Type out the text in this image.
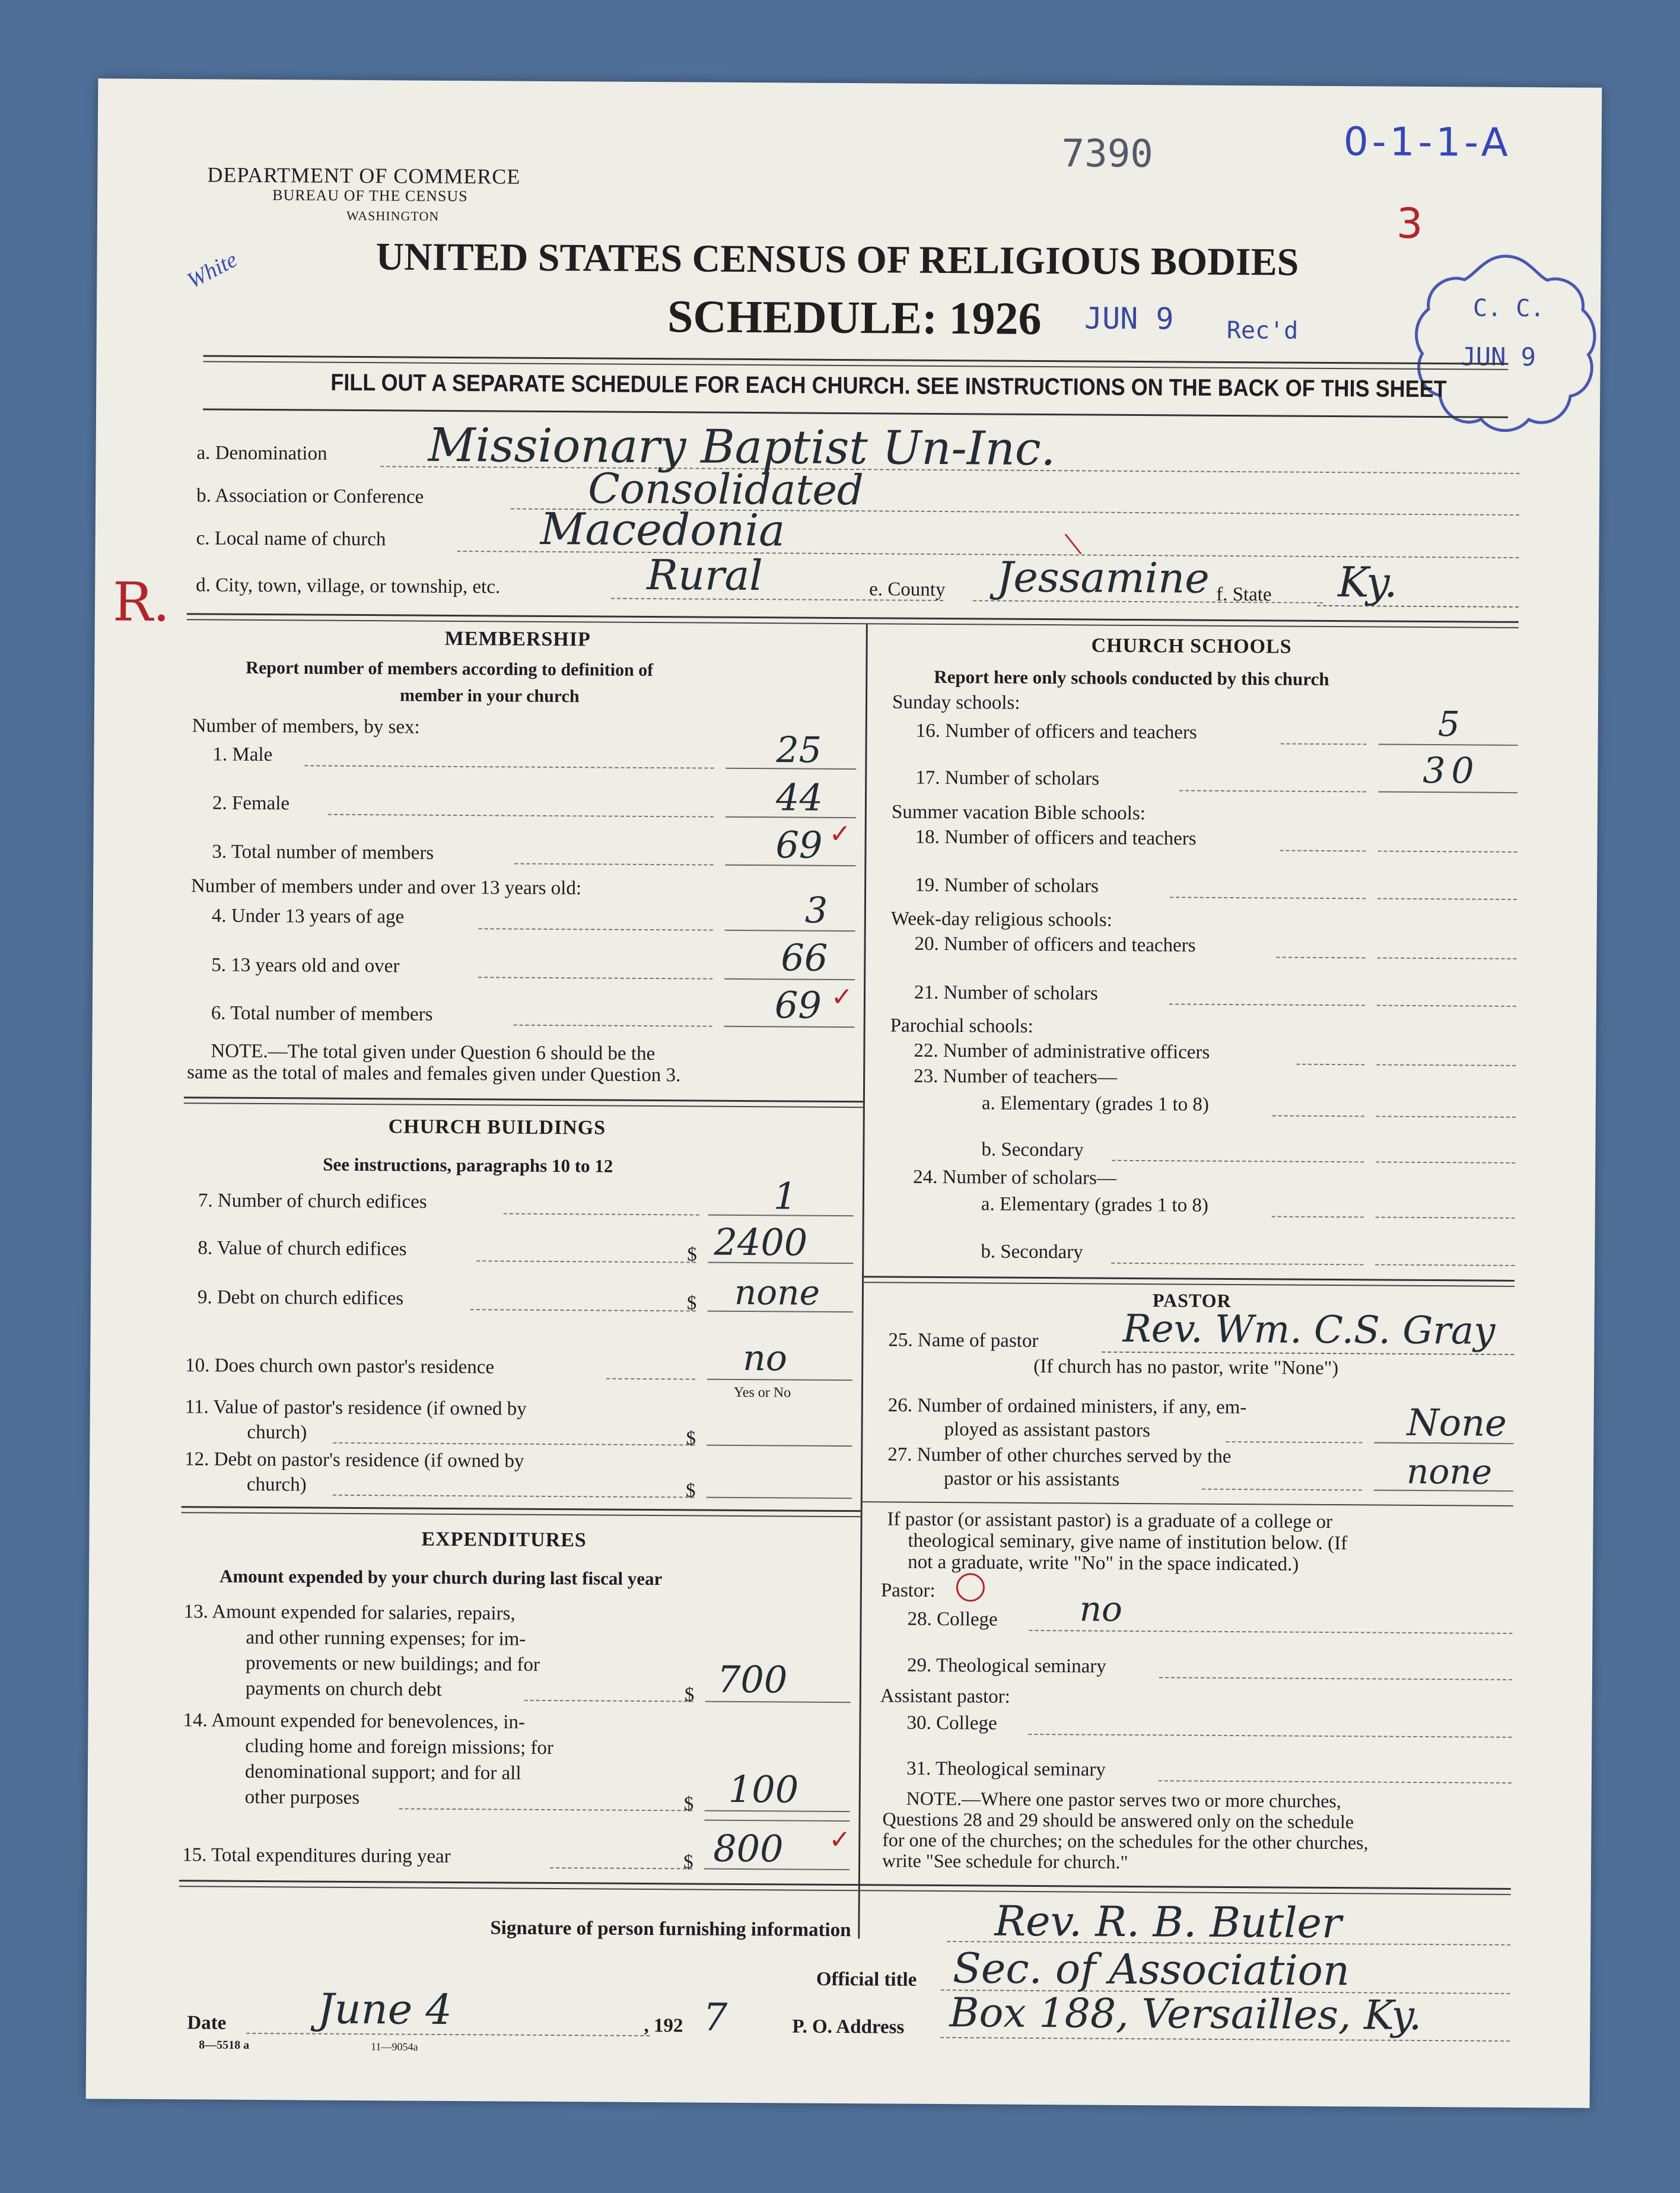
7390	0-1-1-A
3
White
JUN 9 Rec'd
C. C.
JUN 9
R.
DEPARTMENT OF COMMERCE
BUREAU OF THE CENSUS
WASHINGTON
UNITED STATES CENSUS OF RELIGIOUS BODIES
SCHEDULE: 1926
FILL OUT A SEPARATE SCHEDULE FOR EACH CHURCH. SEE INSTRUCTIONS ON THE BACK OF THIS SHEET
a. Denomination Missionary Baptist Un-Inc.
b. Association or Conference	Consolidated
c. Local name of church	Macedonia	\
d. City, town, village, or township, etc.	Rural	e. County Jessamine f. State Ky.
MEMBERSHIP
Report number of members according to definition of
member in your church
Number of members, by sex:
1. Male	25
2. Female	44
3. Total number of members	69 ✓
Number of members under and over 13 years old:
4. Under 13 years of age	3
5. 13 years old and over	66
6. Total number of members	69 ✓
NOTE.—The total given under Question 6 should be the
same as the total of males and females given under Question 3.
CHURCH BUILDINGS
See instructions, paragraphs 10 to 12
7. Number of church edifices	1
8. Value of church edifices	$ 2400
9. Debt on church edifices	$ none
10. Does church own pastor's residence	no
Yes or No
11. Value of pastor's residence (if owned by
church)	$
12. Debt on pastor's residence (if owned by
church)	$
EXPENDITURES
Amount expended by your church during last fiscal year
13. Amount expended for salaries, repairs,
and other running expenses; for im-
provements or new buildings; and for
payments on church debt	$ 700
14. Amount expended for benevolences, in-
cluding home and foreign missions; for
denominational support; and for all
other purposes	$ 100
15. Total expenditures during year	$ 800 ✓
CHURCH SCHOOLS
Report here only schools conducted by this church
Sunday schools:
16. Number of officers and teachers	5
17. Number of scholars	30
Summer vacation Bible schools:
18. Number of officers and teachers
19. Number of scholars
Week-day religious schools:
20. Number of officers and teachers
21. Number of scholars
Parochial schools:
22. Number of administrative officers
23. Number of teachers—
a. Elementary (grades 1 to 8)
b. Secondary
24. Number of scholars—
a. Elementary (grades 1 to 8)
b. Secondary
PASTOR
25. Name of pastor Rev. Wm. C.S. Gray
(If church has no pastor, write "None")
26. Number of ordained ministers, if any, em-
ployed as assistant pastors	None
27. Number of other churches served by the
pastor or his assistants	none
If pastor (or assistant pastor) is a graduate of a college or
theological seminary, give name of institution below. (If
not a graduate, write "No" in the space indicated.)
Pastor:
28. College no
29. Theological seminary
Assistant pastor:
30. College
31. Theological seminary
NOTE.—Where one pastor serves two or more churches,
Questions 28 and 29 should be answered only on the schedule
for one of the churches; on the schedules for the other churches,
write "See schedule for church."
Signature of person furnishing information	Rev. R. B. Butler
Official title Sec. of Association
Date June 4	, 192 7	P. O. Address Box 188, Versailles, Ky.
8—5518 a	11—9054a
